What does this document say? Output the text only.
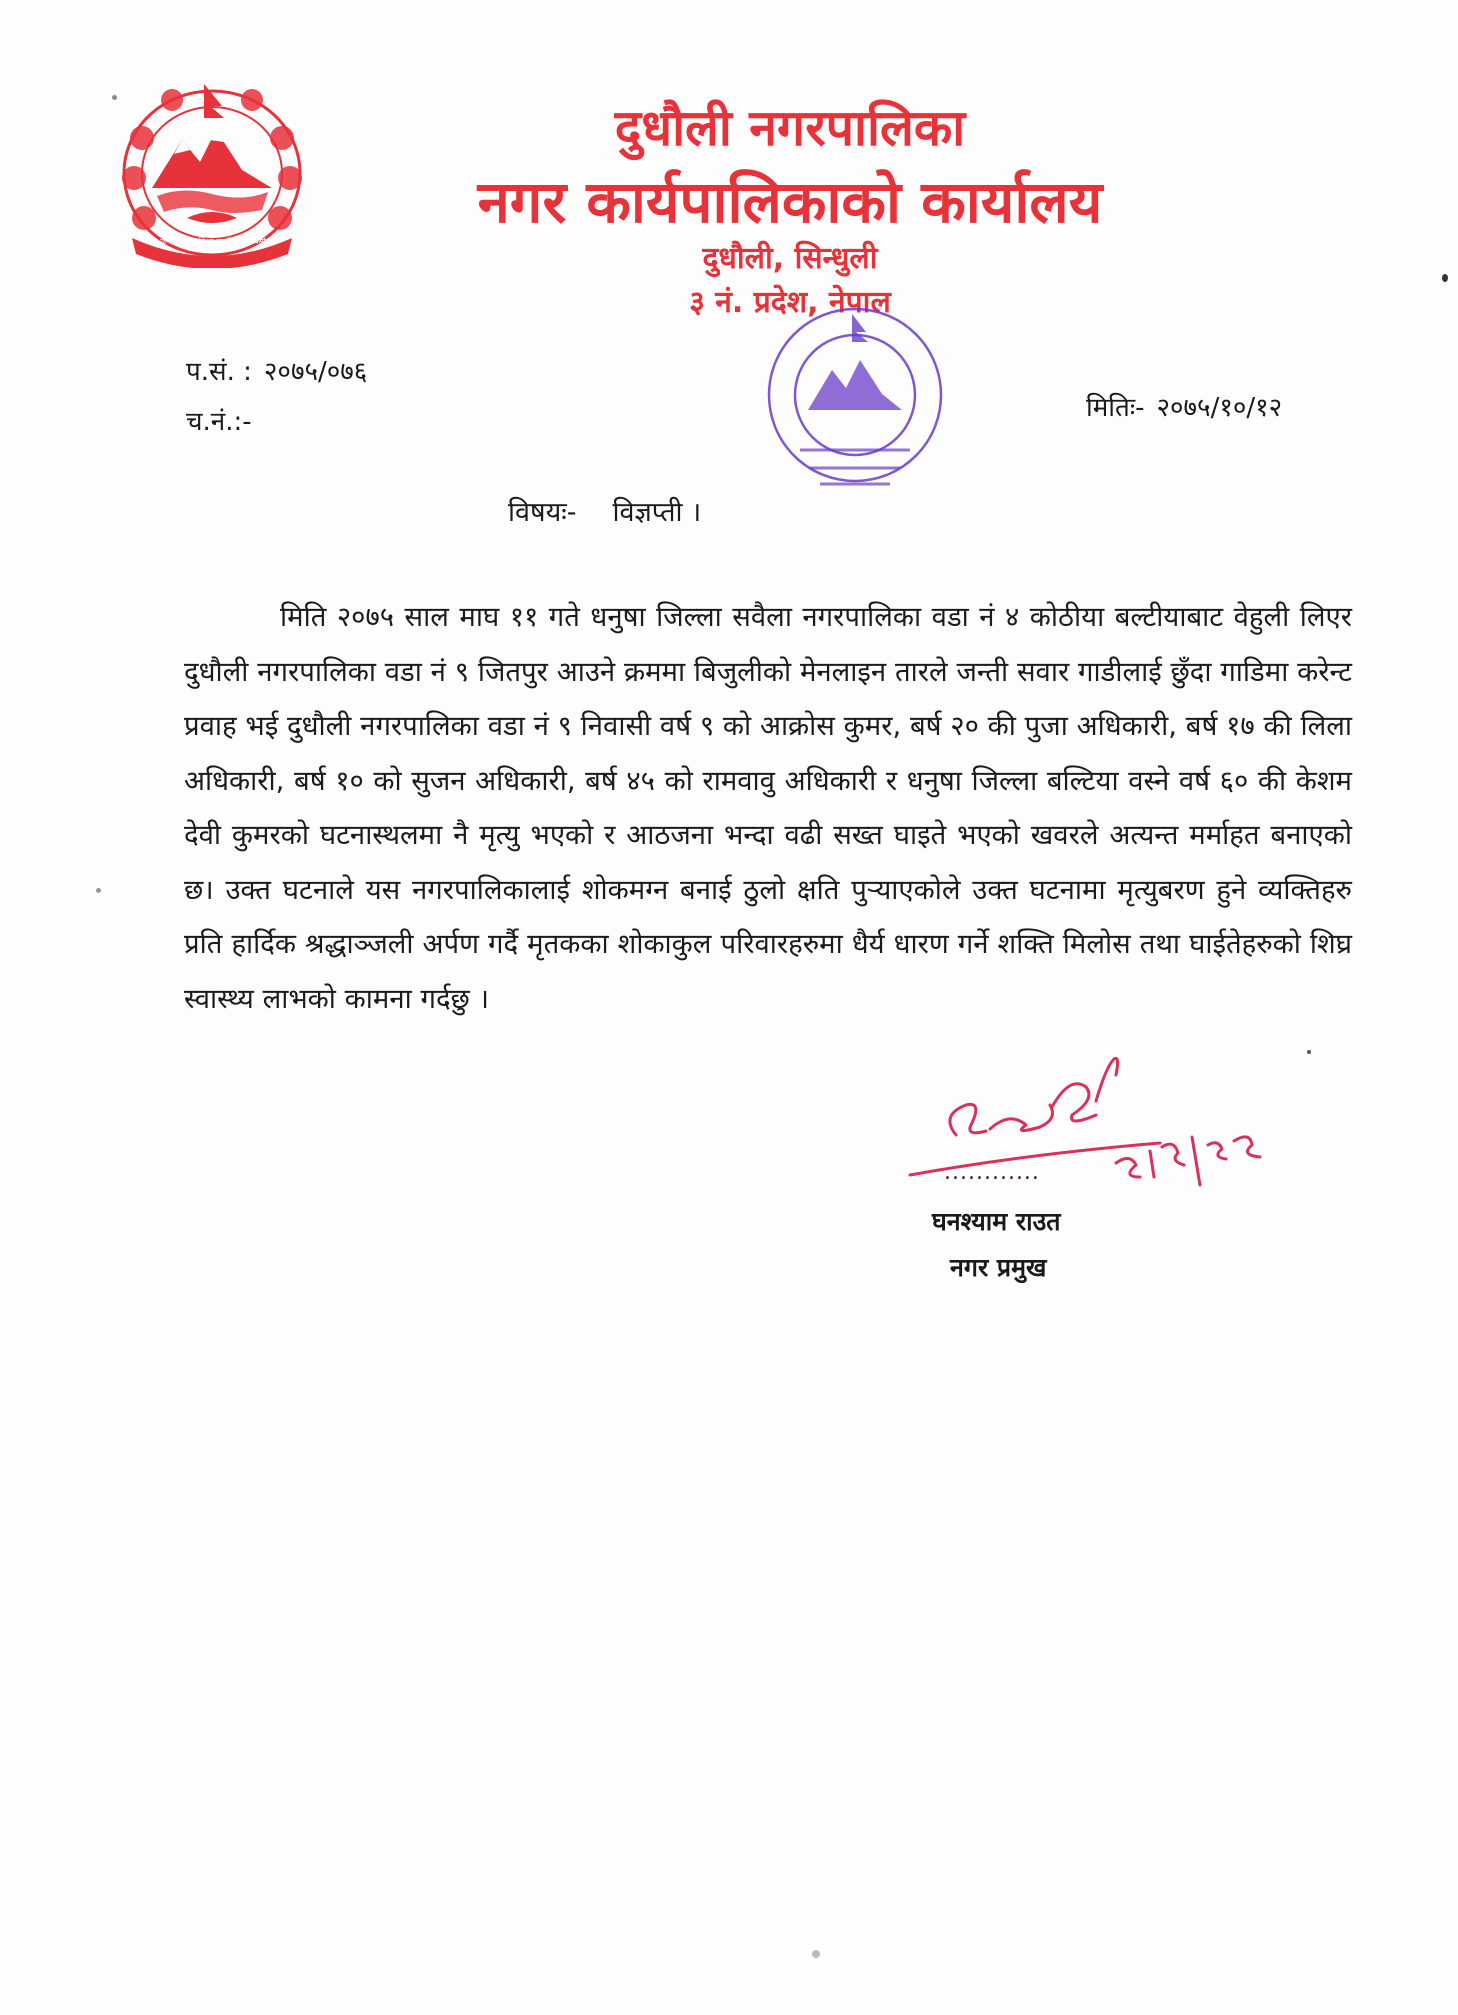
जननी जन्मभूमिश्च स्वर्गादपि गरीयसी
दुधौली नगरपालिका
नगर कार्यपालिकाको कार्यालय
दुधौली, सिन्धुली
३ नं. प्रदेश, नेपाल
प.सं. : २०७५/०७६
च.नं.:-	मितिः- २०७५/१०/१२
विषयः- विज्ञप्ती ।
मिति २०७५ साल माघ ११ गते धनुषा जिल्ला सवैला नगरपालिका वडा नं ४ कोठीया बल्टीयाबाट वेहुली लिएर दुधौली नगरपालिका वडा नं ९ जितपुर आउने क्रममा बिजुलीको मेनलाइन तारले जन्ती सवार गाडीलाई छुँदा गाडिमा करेन्ट प्रवाह भई दुधौली नगरपालिका वडा नं ९ निवासी वर्ष ९ को आक्रोस कुमर, बर्ष २० की पुजा अधिकारी, बर्ष १७ की लिला अधिकारी, बर्ष १० को सुजन अधिकारी, बर्ष ४५ को रामवावु अधिकारी र धनुषा जिल्ला बल्टिया वस्ने वर्ष ६० की केशम देवी कुमरको घटनास्थलमा नै मृत्यु भएको र आठजना भन्दा वढी सख्त घाइते भएको खवरले अत्यन्त मर्माहत बनाएको छ। उक्त घटनाले यस नगरपालिकालाई शोकमग्न बनाई ठुलो क्षति पुऱ्याएकोले उक्त घटनामा मृत्युबरण हुने व्यक्तिहरु प्रति हार्दिक श्रद्धाञ्जली अर्पण गर्दै मृतकका शोकाकुल परिवारहरुमा धैर्य धारण गर्ने शक्ति मिलोस तथा घाईतेहरुको शिघ्र स्वास्थ्य लाभको कामना गर्दछु ।
............
घनश्याम राउत
नगर प्रमुख
